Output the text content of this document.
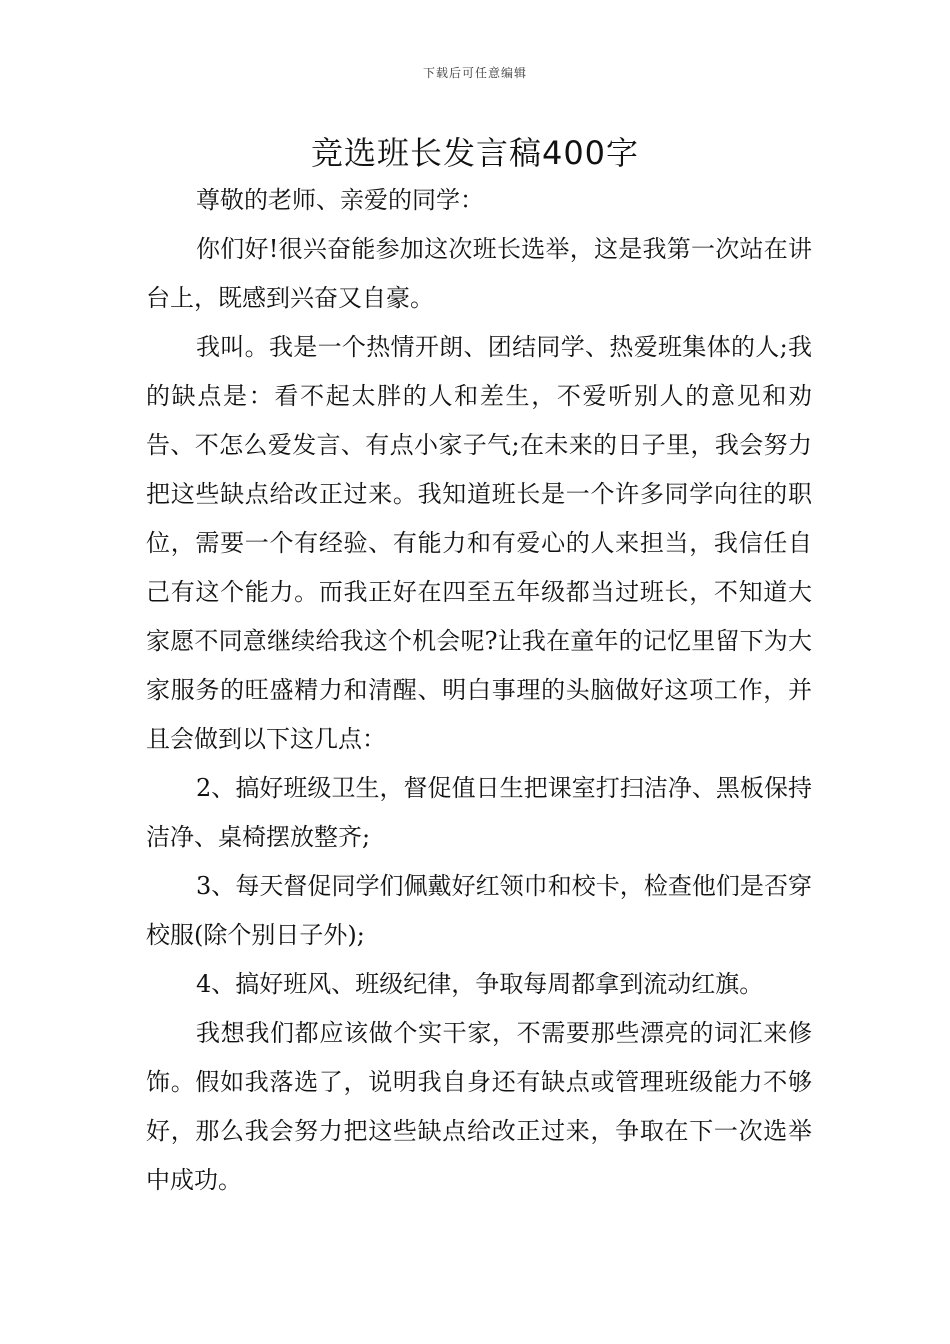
下载后可任意编辑
竞选班长发言稿400字

尊敬的老师、亲爱的同学：

你们好!很兴奋能参加这次班长选举，这是我第一次站在讲台上，既感到兴奋又自豪。

我叫。我是一个热情开朗、团结同学、热爱班集体的人;我的缺点是：看不起太胖的人和差生，不爱听别人的意见和劝告、不怎么爱发言、有点小家子气;在未来的日子里，我会努力把这些缺点给改正过来。我知道班长是一个许多同学向往的职位，需要一个有经验、有能力和有爱心的人来担当，我信任自己有这个能力。而我正好在四至五年级都当过班长，不知道大家愿不同意继续给我这个机会呢?让我在童年的记忆里留下为大家服务的旺盛精力和清醒、明白事理的头脑做好这项工作，并且会做到以下这几点：

2、搞好班级卫生，督促值日生把课室打扫洁净、黑板保持洁净、桌椅摆放整齐;

3、每天督促同学们佩戴好红领巾和校卡，检查他们是否穿校服(除个别日子外);

4、搞好班风、班级纪律，争取每周都拿到流动红旗。

我想我们都应该做个实干家，不需要那些漂亮的词汇来修饰。假如我落选了，说明我自身还有缺点或管理班级能力不够好，那么我会努力把这些缺点给改正过来，争取在下一次选举中成功。
